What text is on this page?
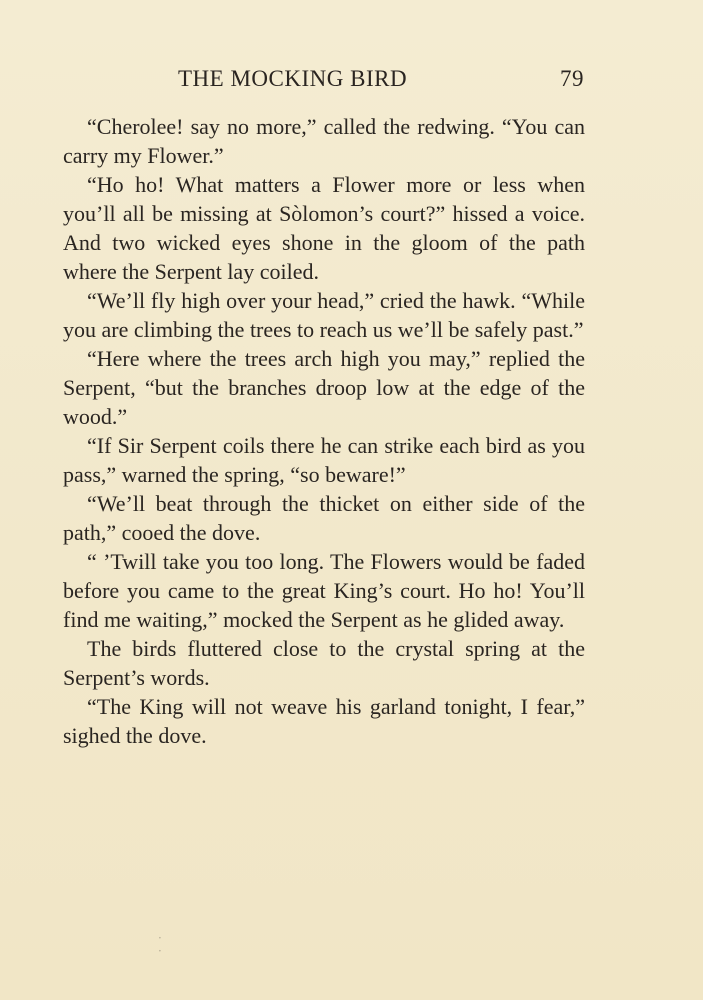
THE MOCKING BIRD	79

“Cherolee! say no more,” called the redwing. “You can carry my Flower.”

“Ho ho! What matters a Flower more or less when you’ll all be missing at Sòlomon’s court?” hissed a voice. And two wicked eyes shone in the gloom of the path where the Serpent lay coiled.

“We’ll fly high over your head,” cried the hawk. “While you are climbing the trees to reach us we’ll be safely past.”

“Here where the trees arch high you may,” replied the Serpent, “but the branches droop low at the edge of the wood.”

“If Sir Serpent coils there he can strike each bird as you pass,” warned the spring, “so beware!”

“We’ll beat through the thicket on either side of the path,” cooed the dove.

“ ’Twill take you too long. The Flowers would be faded before you came to the great King’s court. Ho ho! You’ll find me waiting,” mocked the Serpent as he glided away.

The birds fluttered close to the crystal spring at the Serpent’s words.

“The King will not weave his garland tonight, I fear,” sighed the dove.

·
·
